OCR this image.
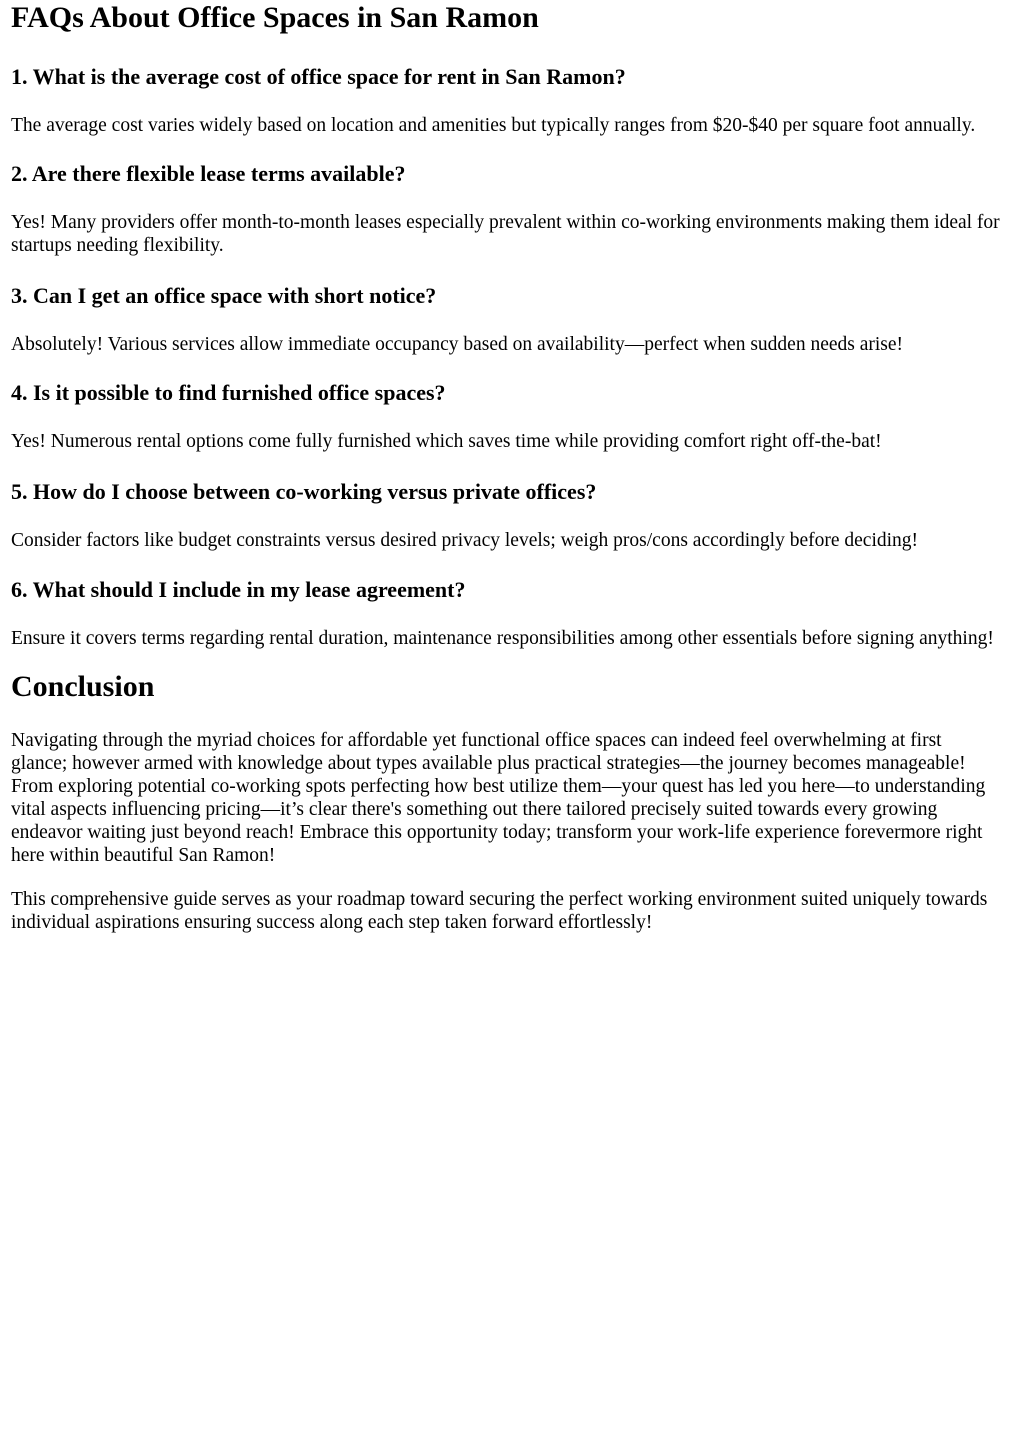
FAQs About Office Spaces in San Ramon
1. What is the average cost of office space for rent in San Ramon?

The average cost varies widely based on location and amenities but typically ranges from $20-$40 per square foot annually.

2. Are there flexible lease terms available?

Yes! Many providers offer month-to-month leases especially prevalent within co-working environments making them ideal for startups needing flexibility.

3. Can I get an office space with short notice?

Absolutely! Various services allow immediate occupancy based on availability—perfect when sudden needs arise!

4. Is it possible to find furnished office spaces?

Yes! Numerous rental options come fully furnished which saves time while providing comfort right off-the-bat!

5. How do I choose between co-working versus private offices?

Consider factors like budget constraints versus desired privacy levels; weigh pros/cons accordingly before deciding!

6. What should I include in my lease agreement?

Ensure it covers terms regarding rental duration, maintenance responsibilities among other essentials before signing anything!

Conclusion

Navigating through the myriad choices for affordable yet functional office spaces can indeed feel overwhelming at first glance; however armed with knowledge about types available plus practical strategies—the journey becomes manageable! From exploring potential co-working spots perfecting how best utilize them—your quest has led you here—to understanding vital aspects influencing pricing—it’s clear there's something out there tailored precisely suited towards every growing endeavor waiting just beyond reach! Embrace this opportunity today; transform your work-life experience forevermore right here within beautiful San Ramon!

This comprehensive guide serves as your roadmap toward securing the perfect working environment suited uniquely towards individual aspirations ensuring success along each step taken forward effortlessly!
